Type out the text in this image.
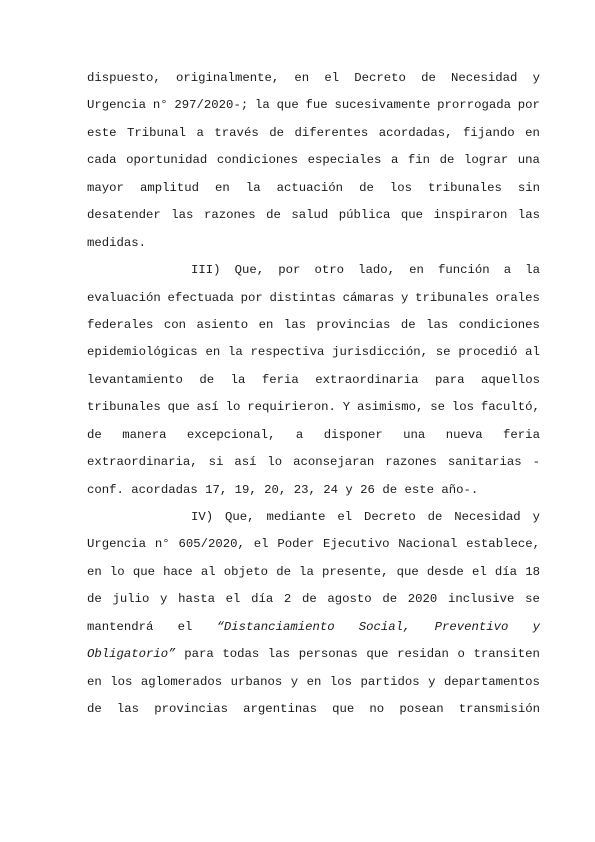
dispuesto, originalmente, en el Decreto de Necesidad y
Urgencia n° 297/2020-; la que fue sucesivamente prorrogada por
este Tribunal a través de diferentes acordadas, fijando en
cada oportunidad condiciones especiales a fin de lograr una
mayor amplitud en la actuación de los tribunales sin
desatender las razones de salud pública que inspiraron las
medidas.
III) Que, por otro lado, en función a la
evaluación efectuada por distintas cámaras y tribunales orales
federales con asiento en las provincias de las condiciones
epidemiológicas en la respectiva jurisdicción, se procedió al
levantamiento de la feria extraordinaria para aquellos
tribunales que así lo requirieron. Y asimismo, se los facultó,
de manera excepcional, a disponer una nueva feria
extraordinaria, si así lo aconsejaran razones sanitarias -
conf. acordadas 17, 19, 20, 23, 24 y 26 de este año-.
IV) Que, mediante el Decreto de Necesidad y
Urgencia n° 605/2020, el Poder Ejecutivo Nacional establece,
en lo que hace al objeto de la presente, que desde el día 18
de julio y hasta el día 2 de agosto de 2020 inclusive se
mantendrá el “Distanciamiento Social, Preventivo y
Obligatorio” para todas las personas que residan o transiten
en los aglomerados urbanos y en los partidos y departamentos
de las provincias argentinas que no posean transmisión
